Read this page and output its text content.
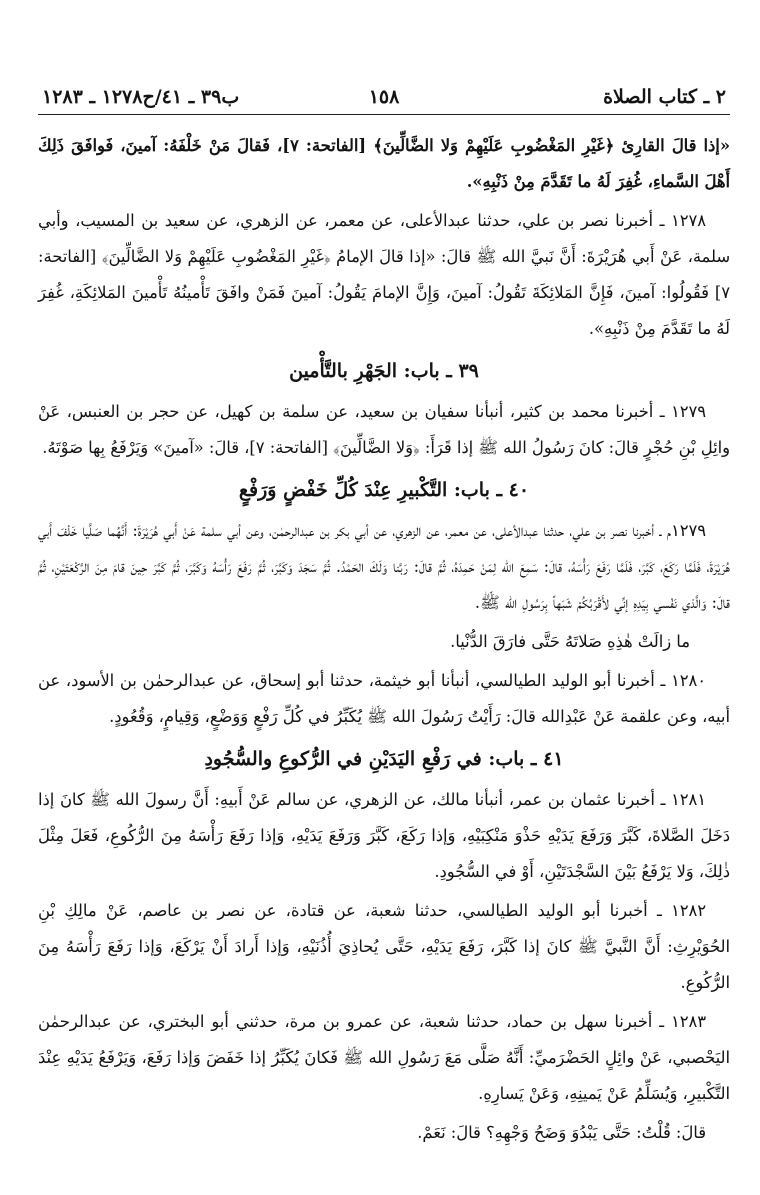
٢ ـ كتاب الصلاة
١٥٨
ب٣٩ ـ ٤١/ح١٢٧٨ ـ ١٢٨٣

«إذا قالَ القارِئ ﴿غَيْرِ المَغْضُوبِ عَلَيْهِمْ وَلا الضَّالِّينَ﴾ [الفاتحة: ٧]، فَقالَ مَنْ خَلْفَهُ: آمينَ، فَوافَقَ ذَلِكَ أَهْلَ السَّماءِ، غُفِرَ لَهُ ما تَقَدَّمَ مِنْ ذَنْبِهِ».

١٢٧٨ ـ أخبرنا نصر بن علي، حدثنا عبدالأعلى، عن معمر، عن الزهري، عن سعيد بن المسيب، وأبي سلمة، عَنْ أَبي هُرَيْرَةَ: أَنَّ نَبيَّ الله ﷺ قالَ: «إذا قالَ الإمامُ ﴿غَيْرِ المَغْضُوبِ عَلَيْهِمْ وَلا الضَّالِّينَ﴾ [الفاتحة: ٧] فَقُولُوا: آمينَ، فَإِنَّ المَلائِكَةَ تَقُولُ: آمينَ، وَإِنَّ الإمامَ يَقُولُ: آمينَ فَمَنْ وافَقَ تَأْمينُهُ تَأْمينَ المَلائِكَةِ، غُفِرَ لَهُ ما تَقَدَّمَ مِنْ ذَنْبِهِ».

٣٩ ـ باب: الجَهْرِ بالتَّأْمين

١٢٧٩ ـ أخبرنا محمد بن كثير، أنبأنا سفيان بن سعيد، عن سلمة بن كهيل، عن حجر بن العنبس، عَنْ وائِلِ بْنِ حُجْرٍ قالَ: كانَ رَسُولُ الله ﷺ إذا قَرَأَ: ﴿وَلا الضَّالِّينَ﴾ [الفاتحة: ٧]، قالَ: «آمينَ» وَيَرْفَعُ بِها صَوْتَهُ.

٤٠ ـ باب: التَّكْبيرِ عِنْدَ كُلِّ خَفْضٍ وَرَفْعٍ

١٢٧٩م ـ أخبرنا نصر بن علي، حدثنا عبدالأعلى، عن معمر، عن الزهري، عن أبي بكر بن عبدالرحمٰن، وعن أبي سلمة عَنْ أَبي هُرَيْرَةَ: أَنَّهُما صَلَّيا خَلْفَ أَبي هُرَيْرَةَ، فَلَمَّا رَكَعَ، كَبَّرَ، فَلَمَّا رَفَعَ رَأْسَهُ، قالَ: سَمِعَ الله لِمَنْ حَمِدَهُ، ثُمَّ قالَ: رَبَّنا وَلَكَ الحَمْدُ. ثُمَّ سَجَدَ وَكَبَّرَ، ثُمَّ رَفَعَ رَأْسَهُ وَكَبَّرَ، ثُمَّ كَبَّرَ حِينَ قامَ مِنَ الرَّكْعَتَيْنِ، ثُمَّ قالَ: وَالَّذي نَفْسي بِيَدِهِ إنِّي لأَقْرَبُكُمْ شَبَهاً بِرَسُولِ الله ﷺ.

ما زالَتْ هٰذِهِ صَلاتَهُ حَتَّى فارَقَ الدُّنْيا.

١٢٨٠ ـ أخبرنا أبو الوليد الطيالسي، أنبأنا أبو خيثمة، حدثنا أبو إسحاق، عن عبدالرحمٰن بن الأسود، عن أبيه، وعن علقمة عَنْ عَبْدِالله قالَ: رَأَيْتُ رَسُولَ الله ﷺ يُكَبِّرُ في كُلِّ رَفْعٍ وَوَضْعٍ، وَقِيامٍ، وَقُعُودٍ.

٤١ ـ باب: في رَفْعِ اليَدَيْنِ في الرُّكوعِ والسُّجُودِ

١٢٨١ ـ أخبرنا عثمان بن عمر، أنبأنا مالك، عن الزهري، عن سالم عَنْ أَبيهِ: أَنَّ رسولَ الله ﷺ كانَ إذا دَخَلَ الصَّلاةَ، كَبَّرَ وَرَفَعَ يَدَيْهِ حَذْوَ مَنْكِبَيْهِ، وَإذا رَكَعَ، كَبَّرَ وَرَفَعَ يَدَيْهِ، وَإذا رَفَعَ رَأْسَهُ مِنَ الرُّكُوعِ، فَعَلَ مِثْلَ ذٰلِكَ، وَلا يَرْفَعُ بَيْنَ السَّجْدَتَيْنِ، أَوْ في السُّجُودِ.

١٢٨٢ ـ أخبرنا أبو الوليد الطيالسي، حدثنا شعبة، عن قتادة، عن نصر بن عاصم، عَنْ مالِكِ بْنِ الحُوَيْرِثِ: أَنَّ النَّبيَّ ﷺ كانَ إذا كَبَّرَ، رَفَعَ يَدَيْهِ، حَتَّى يُحاذِيَ أُذُنَيْهِ، وَإذا أَرادَ أَنْ يَرْكَعَ، وَإذا رَفَعَ رَأْسَهُ مِنَ الرُّكُوعِ.

١٢٨٣ ـ أخبرنا سهل بن حماد، حدثنا شعبة، عن عمرو بن مرة، حدثني أبو البختري، عن عبدالرحمٰن اليَحْصبي، عَنْ وائِلٍ الحَضْرَميِّ: أَنَّهُ صَلَّى مَعَ رَسُولِ الله ﷺ فَكانَ يُكَبِّرُ إذا خَفَضَ وَإذا رَفَعَ، وَيَرْفَعُ يَدَيْهِ عِنْدَ التَّكْبيرِ، وَيُسَلِّمُ عَنْ يَمينِهِ، وَعَنْ يَسارِهِ.

قالَ: قُلْتُ: حَتَّى يَبْدُوَ وَضَحُ وَجْهِهِ؟ قالَ: نَعَمْ.
